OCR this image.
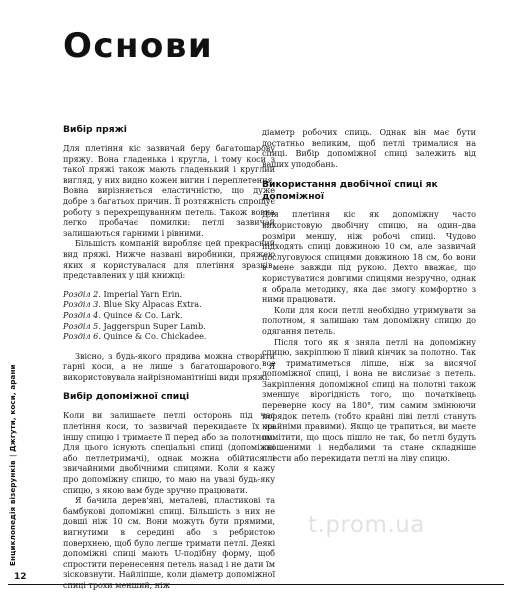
Основи
Вибір пряжі

Для плетіння кіс зазвичай беру багатошарову пряжу. Вона гладенька і кругла, і тому коси з такої пряжі також мають гладенький і круглий вигляд, у них видно кожен вигин і переплетення. Вовна вирізняється еластичністю, що дуже добре з багатьох причин. Її розтяжність спрощує роботу з перехрещуванням петель. Також вовна легко пробачає помилки: петлі зазвичай залишаються гарними і рівними.

Більшість компаній виробляє цей прекрасний вид пряжі. Нижче названі виробники, пряжею яких я користувалася для плетіння зразків, представлених у цій книжці:

Розділ 2. Imperial Yarn Erin.
Розділ 3. Blue Sky Alpacas Extra.
Розділ 4. Quince & Co. Lark.
Розділ 5. Jaggerspun Super Lamb.
Розділ 6. Quince & Co. Chickadee.

Звісно, з будь-якого прядива можна створити гарні коси, а не лише з багатошарового. Я використовувала найрізноманітніші види пряжі.

Вибір допоміжної спиці

Коли ви залишаєте петлі осторонь під час плетіння коси, то зазвичай перекидаєте їх на іншу спицю і тримаєте її перед або за полотном. Для цього існують спеціальні спиці (допоміжні або петлетримачі), однак можна обійтися і звичайними двобічними спицями. Коли я кажу про допоміжну спицю, то маю на увазі будь-яку спицю, з якою вам буде зручно працювати.

Я бачила дерев'яні, металеві, пластикові та бамбукові допоміжні спиці. Більшість з них не довші ніж 10 см. Вони можуть бути прямими, вигнутими в середині або з ребристою поверхнею, щоб було легше тримати петлі. Деякі допоміжні спиці мають U-подібну форму, щоб спростити перенесення петель назад і не дати їм зісковзнути. Найліпше, коли діаметр допоміжної

діаметр робочих спиць. Однак він має бути достатньо великим, щоб петлі трималися на спиці. Вибір допоміжної спиці залежить від ваших уподобань.

Використання двобічної спиці як допоміжної

Для плетіння кіс як допоміжну часто використовую двобічну спицю, на один–два розміри меншу, ніж робочі спиці. Чудово підходять спиці довжиною 10 см, але зазвичай послуговуюся спицями довжиною 18 см, бо вони в мене завжди під рукою. Дехто вважає, що користуватися довгими спицями незручно, однак я обрала методику, яка дає змогу комфортно з ними працювати.

Коли для коси петлі необхідно утримувати за полотном, я залишаю там допоміжну спицю до одягання петель.

Після того як я зняла петлі на допоміжну спицю, закріплюю її лівий кінчик за полотно. Так все триматиметься ліпше, ніж за висячої допоміжної спиці, і вона не вислизає з петель. Закріплення допоміжної спиці на полотні також зменшує вірогідність того, що початківець переверне косу на 180°, тим самим змінюючи порядок петель (тобто крайні ліві петлі стануть крайніми правими). Якщо це трапиться, ви маєте помітити, що щось пішло не так, бо петлі будуть скошеними і недбалими та стане складніше плести або перекидати петлі на ліву спицю.

Енциклопедія візерунків|Джгути, коси, арани
12
t.prom.ua
